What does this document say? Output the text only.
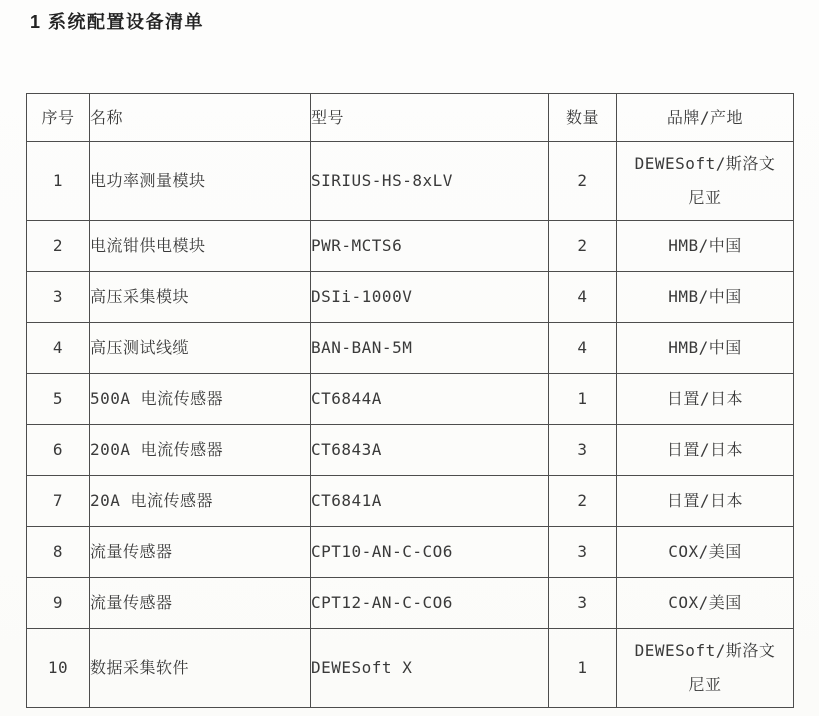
1 系统配置设备清单
序号	名称	型号	数量	品牌/产地
1	电功率测量模块	SIRIUS-HS-8xLV	2	DEWESoft/斯洛文
尼亚

2	电流钳供电模块	PWR-MCTS6	2	HMB/中国

3	高压采集模块	DSIi-1000V	4	HMB/中国

4	高压测试线缆	BAN-BAN-5M	4	HMB/中国

5	500A 电流传感器	CT6844A	1	日置/日本

6	200A 电流传感器	CT6843A	3	日置/日本

7	20A 电流传感器	CT6841A	2	日置/日本

8	流量传感器	CPT10-AN-C-CO6	3	COX/美国

9	流量传感器	CPT12-AN-C-CO6	3	COX/美国

10	数据采集软件	DEWESoft X	1	DEWESoft/斯洛文
尼亚
